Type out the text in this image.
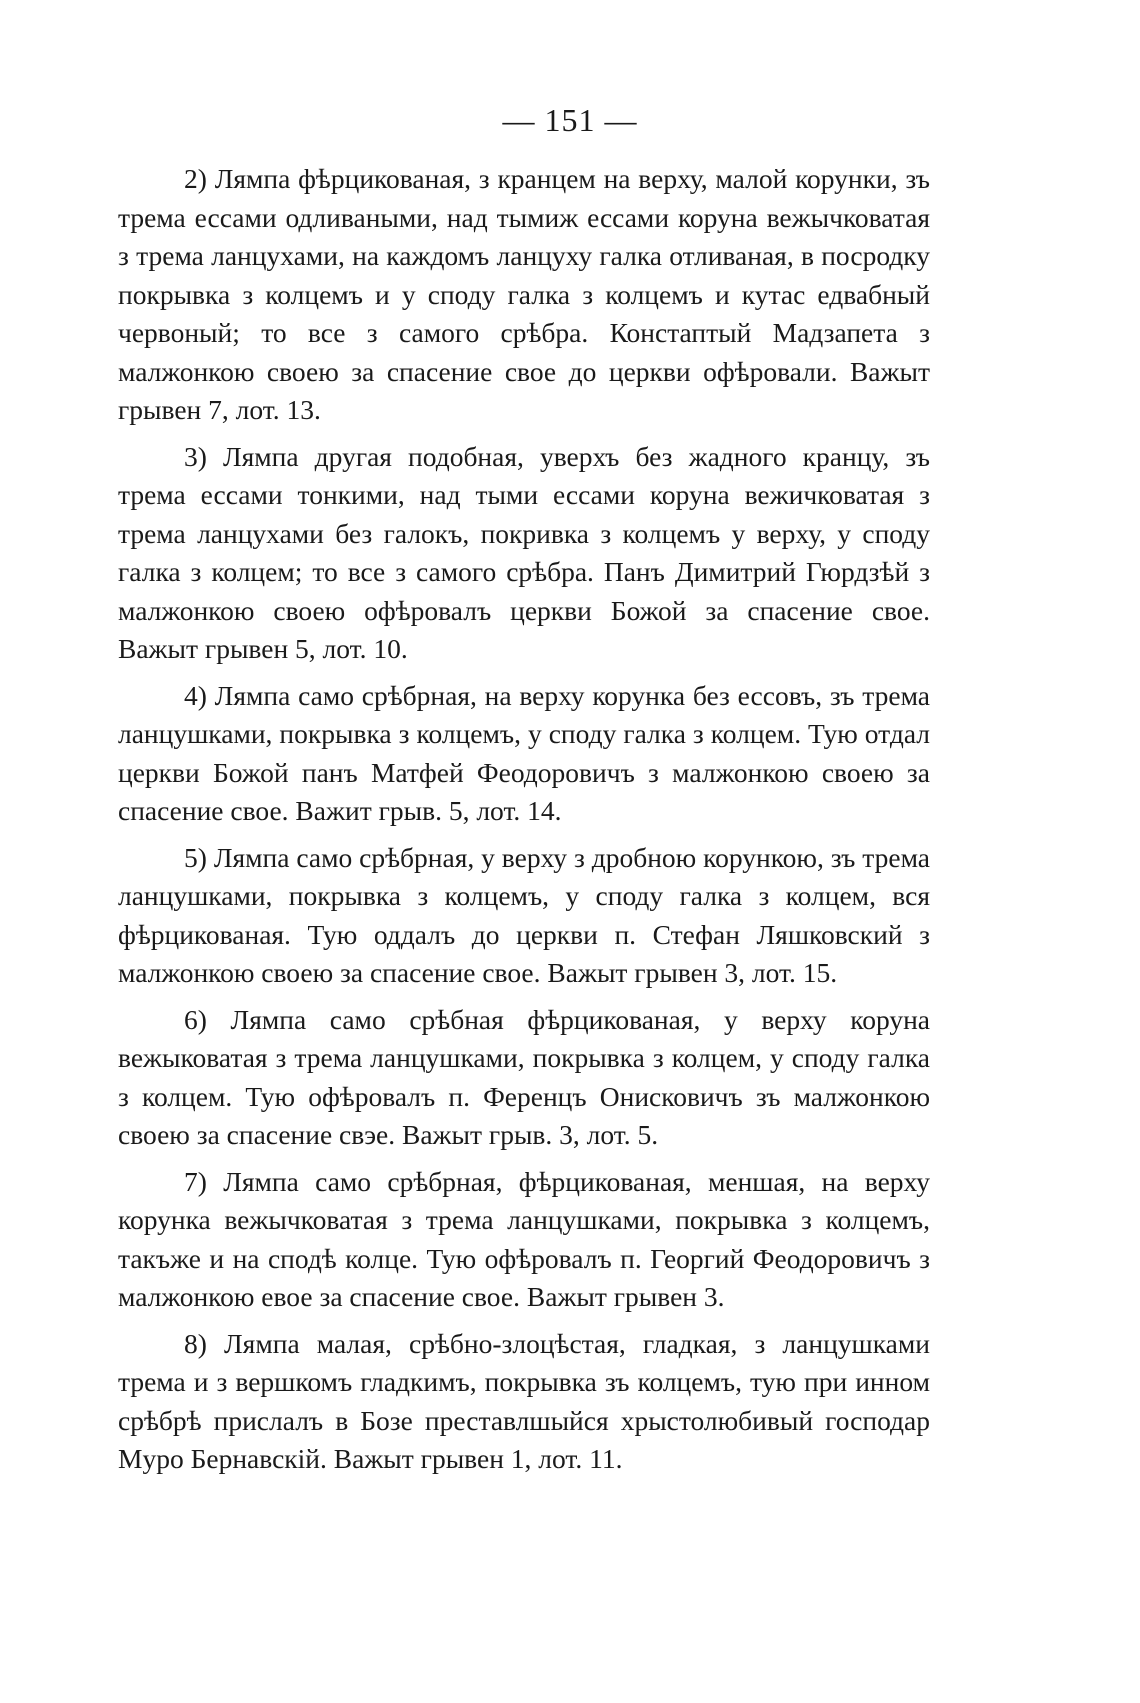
— 151 —

2) Лямпа фѣрцикованая, з кранцем на верху, малой корунки, зъ трема ессами одливаными, над тымиж ессами коруна вежычковатая з трема ланцухами, на каждомъ ланцуху галка отливаная, в посродку покрывка з колцемъ и у споду галка з колцемъ и кутас едвабный червоный; то все з самого срѣбра. Констаптый Мадзапета з малжонкою своею за спасение свое до церкви офѣровали. Важыт грывен 7, лот. 13.

3) Лямпа другая подобная, уверхъ без жадного кранцу, зъ трема ессами тонкими, над тыми ессами коруна вежичковатая з трема ланцухами без галокъ, покривка з колцемъ у верху, у споду галка з колцем; то все з самого срѣбра. Панъ Димитрий Гюрдзѣй з малжонкою своею офѣровалъ церкви Божой за спасение свое. Важыт грывен 5, лот. 10.

4) Лямпа само срѣбрная, на верху корунка без ессовъ, зъ трема ланцушками, покрывка з колцемъ, у споду галка з колцем. Тую отдал церкви Божой панъ Матфей Феодоровичъ з малжонкою своею за спасение свое. Важит грыв. 5, лот. 14.

5) Лямпа само срѣбрная, у верху з дробною корункою, зъ трема ланцушками, покрывка з колцемъ, у споду галка з колцем, вся фѣрцикованая. Тую оддалъ до церкви п. Стефан Ляшковский з малжонкою своею за спасение свое. Важыт грывен 3, лот. 15.

6) Лямпа само срѣбная фѣрцикованая, у верху коруна вежыковатая з трема ланцушками, покрывка з колцем, у споду галка з колцем. Тую офѣровалъ п. Ференцъ Онисковичъ зъ малжонкою своею за спасение свэе. Важыт грыв. 3, лот. 5.

7) Лямпа само срѣбрная, фѣрцикованая, меншая, на верху корунка вежычковатая з трема ланцушками, покрывка з колцемъ, такъже и на сподѣ колце. Тую офѣровалъ п. Георгий Феодоровичъ з малжонкою евое за спасение свое. Важыт грывен 3.

8) Лямпа малая, срѣбно-злоцѣстая, гладкая, з ланцушками трема и з вершкомъ гладкимъ, покрывка зъ колцемъ, тую при инном срѣбрѣ прислалъ в Бозе преставлшыйся хрыстолюбивый господар Мyро Бернавскій. Важыт грывен 1, лот. 11.
